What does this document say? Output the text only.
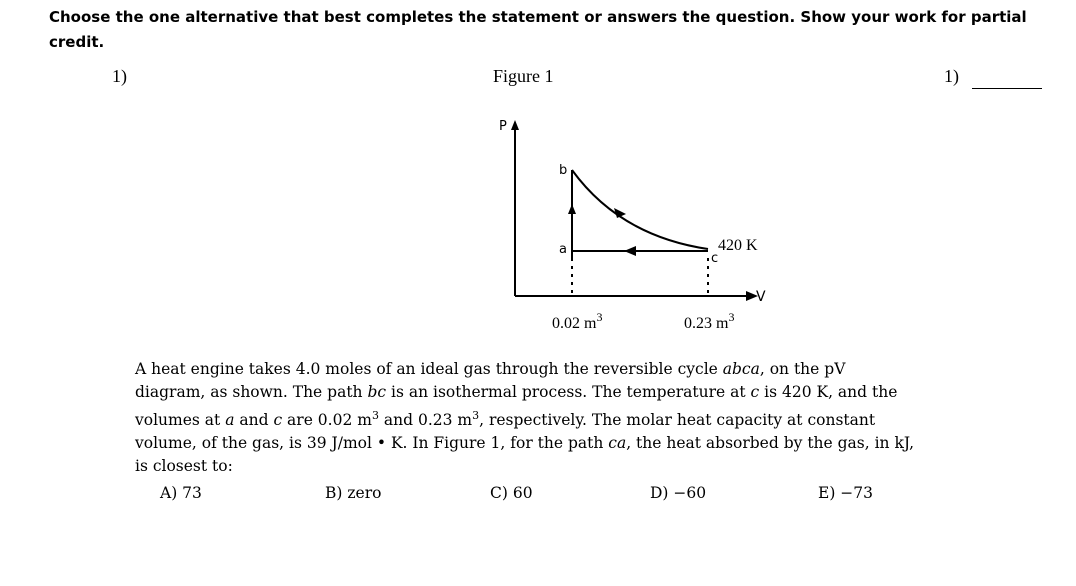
Choose the one alternative that best completes the statement or answers the question. Show your work for partial credit.
1)	Figure 1	1)
P
V
b
a
c
420 K
0.02 $m^3$	0.23 $m^3$
A heat engine takes 4.0 moles of an ideal gas through the reversible cycle abca, on the pV diagram, as shown. The path bc is an isothermal process. The temperature at c is 420 K, and the volumes at a and c are 0.02 $m^3$ and 0.23 $m^3$, respectively. The molar heat capacity at constant volume, of the gas, is 39 J/mol • K. In Figure 1, for the path ca, the heat absorbed by the gas, in kJ, is closest to:
A) 73	B) zero	C) 60	D) −60	E) −73
